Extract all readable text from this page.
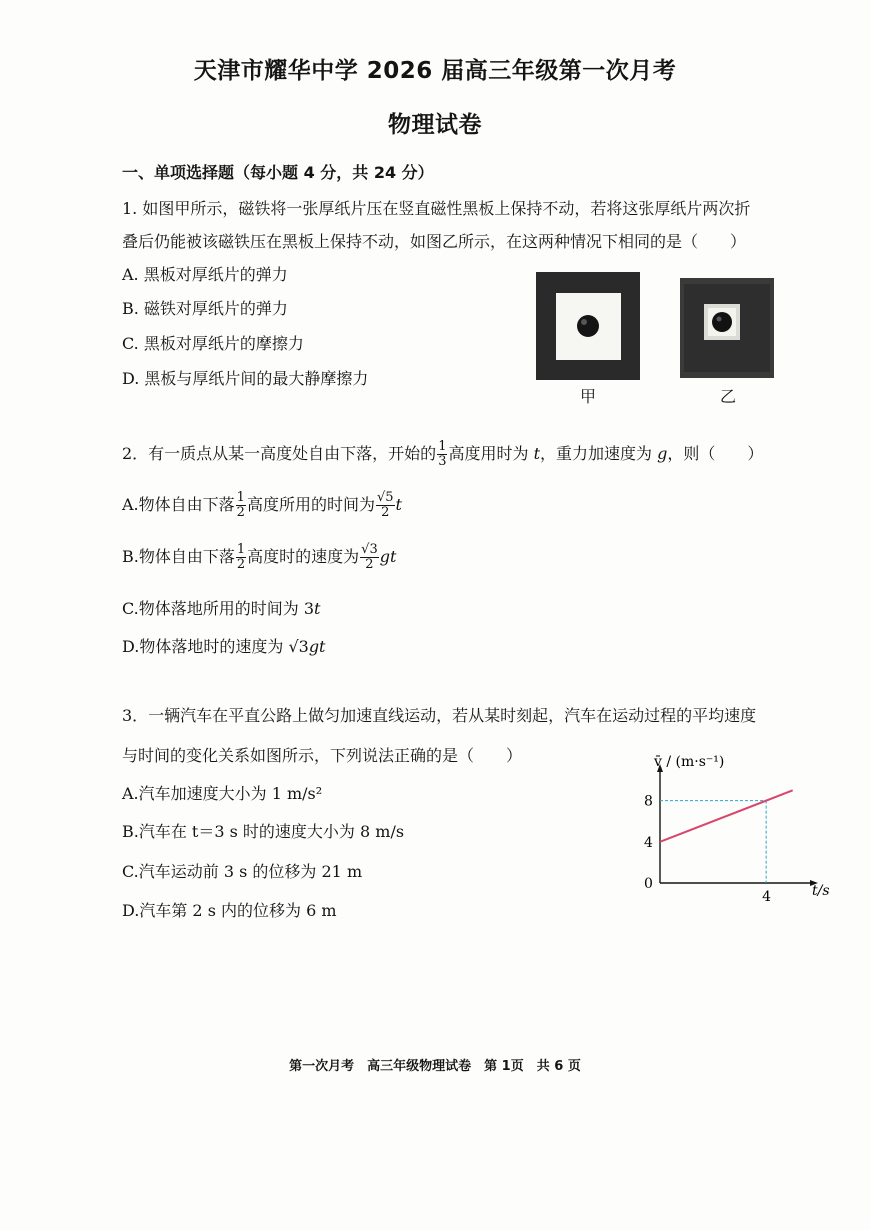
天津市耀华中学 2026 届高三年级第一次月考
物理试卷
一、单项选择题（每小题 4 分，共 24 分）
1. 如图甲所示，磁铁将一张厚纸片压在竖直磁性黑板上保持不动，若将这张厚纸片两次折
叠后仍能被该磁铁压在黑板上保持不动，如图乙所示，在这两种情况下相同的是（　　）
A. 黑板对厚纸片的弹力
B. 磁铁对厚纸片的弹力
C. 黑板对厚纸片的摩擦力
D. 黑板与厚纸片间的最大静摩擦力
甲	乙
2．有一质点从某一高度处自由下落，开始的 $\frac{1}{3}$ 高度用时为 t，重力加速度为 g，则（　　）
A.物体自由下落 $\frac{1}{2}$ 高度所用的时间为 $\frac{√5}{2}$ t
B.物体自由下落 $\frac{1}{2}$ 高度时的速度为 $\frac{√3}{2}$ gt
C.物体落地所用的时间为 3t
D.物体落地时的速度为 √3gt
3．一辆汽车在平直公路上做匀加速直线运动，若从某时刻起，汽车在运动过程的平均速度
与时间的变化关系如图所示，下列说法正确的是（　　）
A.汽车加速度大小为 1 m/s²
B.汽车在 t＝3 s 时的速度大小为 8 m/s
C.汽车运动前 3 s 的位移为 21 m
D.汽车第 2 s 内的位移为 6 m
v̄ / (m·s⁻¹)
t/s
0
4
8
4
第一次月考　高三年级物理试卷　第 1页　共 6 页
